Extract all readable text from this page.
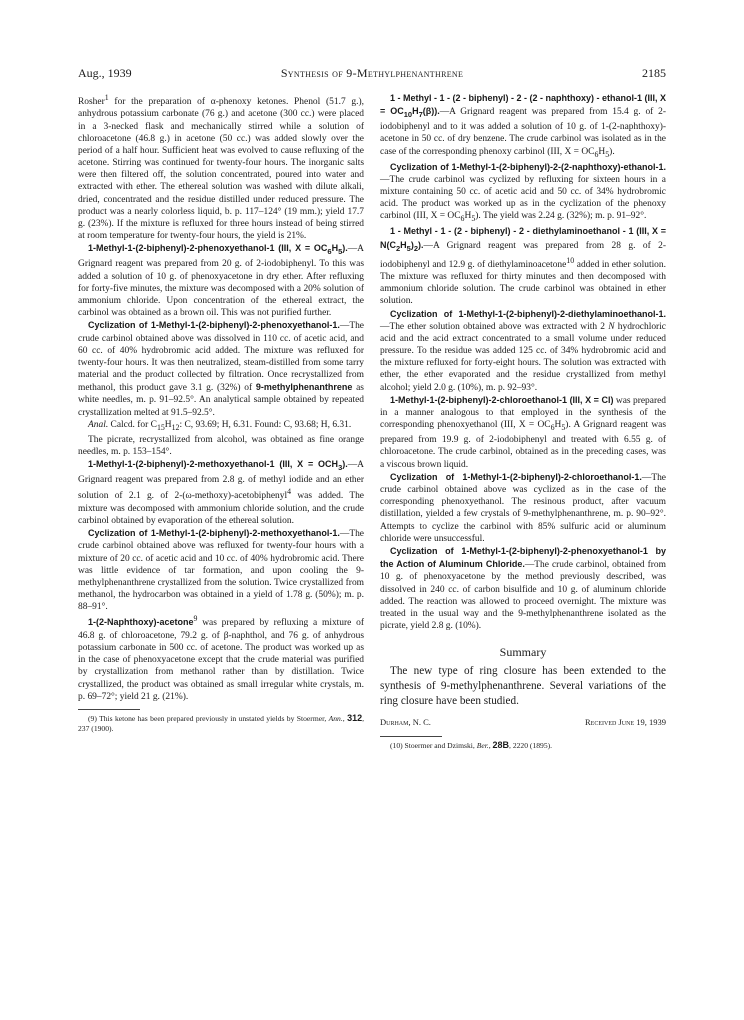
Aug., 1939	Synthesis of 9-Methylphenanthrene	2185

Rosher$^1$ for the preparation of α-phenoxy ketones. Phenol (51.7 g.), anhydrous potassium carbonate (76 g.) and acetone (300 cc.) were placed in a 3-necked flask and mechanically stirred while a solution of chloroacetone (46.8 g.) in acetone (50 cc.) was added slowly over the period of a half hour. Sufficient heat was evolved to cause refluxing of the acetone. Stirring was continued for twenty-four hours. The inorganic salts were then filtered off, the solution concentrated, poured into water and extracted with ether. The ethereal solution was washed with dilute alkali, dried, concentrated and the residue distilled under reduced pressure. The product was a nearly colorless liquid, b. p. 117–124° (19 mm.); yield 17.7 g. (23%). If the mixture is refluxed for three hours instead of being stirred at room temperature for twenty-four hours, the yield is 21%.

1-Methyl-1-(2-biphenyl)-2-phenoxyethanol-1 (III, $X = OC_6H_5).—A$ Grignard reagent was prepared from 20 g. of 2-iodobiphenyl. To this was added a solution of 10 g. of phenoxyacetone in dry ether. After refluxing for forty-five minutes, the mixture was decomposed with a 20% solution of ammonium chloride. Upon concentration of the ethereal extract, the carbinol was obtained as a brown oil. This was not purified further.

Cyclization of 1-Methyl-1-(2-biphenyl)-2-phenoxyethanol-1.—The crude carbinol obtained above was dissolved in 110 cc. of acetic acid, and 60 cc. of 40% hydrobromic acid added. The mixture was refluxed for twenty-four hours. It was then neutralized, steam-distilled from some tarry material and the product collected by filtration. Once recrystallized from methanol, this product gave 3.1 g. (32%) of 9-methylphenanthrene as white needles, m. p. 91–92.5°. An analytical sample obtained by repeated crystallization melted at 91.5–92.5°.

Anal. Calcd. for $C_{15}H_{12}$: C, 93.69; H, 6.31. Found: C, 93.68; H, 6.31.

The picrate, recrystallized from alcohol, was obtained as fine orange needles, m. p. 153–154°.

1-Methyl-1-(2-biphenyl)-2-methoxyethanol-1 (III, $X = OCH_3).—A$ Grignard reagent was prepared from 2.8 g. of methyl iodide and an ether solution of 2.1 g. of 2-(ω-methoxy)-acetobiphenyl$^4$ was added. The mixture was decomposed with ammonium chloride solution, and the crude carbinol obtained by evaporation of the ethereal solution.

Cyclization of 1-Methyl-1-(2-biphenyl)-2-methoxyethanol-1.—The crude carbinol obtained above was refluxed for twenty-four hours with a mixture of 20 cc. of acetic acid and 10 cc. of 40% hydrobromic acid. There was little evidence of tar formation, and upon cooling the 9-methylphenanthrene crystallized from the solution. Twice crystallized from methanol, the hydrocarbon was obtained in a yield of 1.78 g. (50%); m. p. 88–91°.

1-(2-Naphthoxy)-acetone$^9$ was prepared by refluxing a mixture of 46.8 g. of chloroacetone, 79.2 g. of β-naphthol, and 76 g. of anhydrous potassium carbonate in 500 cc. of acetone. The product was worked up as in the case of phenoxyacetone except that the crude material was purified by crystallization from methanol rather than by distillation. Twice crystallized, the product was obtained as small irregular white crystals, m. p. 69–72°; yield 21 g. (21%).

(9) This ketone has been prepared previously in unstated yields by Stoermer, Ann., 312, 237 (1900).

1 - Methyl - 1 - (2 - biphenyl) - 2 - (2 - naphthoxy) - ethanol-1 (III, $X = OC_{10}H_7(\beta)).—A$ Grignard reagent was prepared from 15.4 g. of 2-iodobiphenyl and to it was added a solution of 10 g. of 1-(2-naphthoxy)-acetone in 50 cc. of dry benzene. The crude carbinol was isolated as in the case of the corresponding phenoxy carbinol (III, $X = OC_6H_5$).

Cyclization of 1-Methyl-1-(2-biphenyl)-2-(2-naphthoxy)-ethanol-1.—The crude carbinol was cyclized by refluxing for sixteen hours in a mixture containing 50 cc. of acetic acid and 50 cc. of 34% hydrobromic acid. The product was worked up as in the cyclization of the phenoxy carbinol (III, $X = OC_6H_5$). The yield was 2.24 g. (32%); m. p. 91–92°.

1 - Methyl - 1 - (2 - biphenyl) - 2 - diethylaminoethanol - 1 (III, $X = N(C_2H_5)_2).—A$ Grignard reagent was prepared from 28 g. of 2-iodobiphenyl and 12.9 g. of diethylaminoacetone$^{10}$ added in ether solution. The mixture was refluxed for thirty minutes and then decomposed with ammonium chloride solution. The crude carbinol was obtained in ether solution.

Cyclization of 1-Methyl-1-(2-biphenyl)-2-diethylaminoethanol-1.—The ether solution obtained above was extracted with 2 N hydrochloric acid and the acid extract concentrated to a small volume under reduced pressure. To the residue was added 125 cc. of 34% hydrobromic acid and the mixture refluxed for forty-eight hours. The solution was extracted with ether, the ether evaporated and the residue crystallized from methyl alcohol; yield 2.0 g. (10%), m. p. 92–93°.

1-Methyl-1-(2-biphenyl)-2-chloroethanol-1 (III, X = Cl) was prepared in a manner analogous to that employed in the synthesis of the corresponding phenoxyethanol (III, $X = OC_6H_5$). A Grignard reagent was prepared from 19.9 g. of 2-iodobiphenyl and treated with 6.55 g. of chloroacetone. The crude carbinol, obtained as in the preceding cases, was a viscous brown liquid.

Cyclization of 1-Methyl-1-(2-biphenyl)-2-chloroethanol-1.—The crude carbinol obtained above was cyclized as in the case of the corresponding phenoxyethanol. The resinous product, after vacuum distillation, yielded a few crystals of 9-methylphenanthrene, m. p. 90–92°. Attempts to cyclize the carbinol with 85% sulfuric acid or aluminum chloride were unsuccessful.

Cyclization of 1-Methyl-1-(2-biphenyl)-2-phenoxyethanol-1 by the Action of Aluminum Chloride.—The crude carbinol, obtained from 10 g. of phenoxyacetone by the method previously described, was dissolved in 240 cc. of carbon bisulfide and 10 g. of aluminum chloride added. The reaction was allowed to proceed overnight. The mixture was treated in the usual way and the 9-methylphenanthrene isolated as the picrate, yield 2.8 g. (10%).

Summary

The new type of ring closure has been extended to the synthesis of 9-methylphenanthrene. Several variations of the ring closure have been studied.

Durham, N. C.	Received June 19, 1939

(10) Stoermer and Dzimski, Ber., 28B, 2220 (1895).
